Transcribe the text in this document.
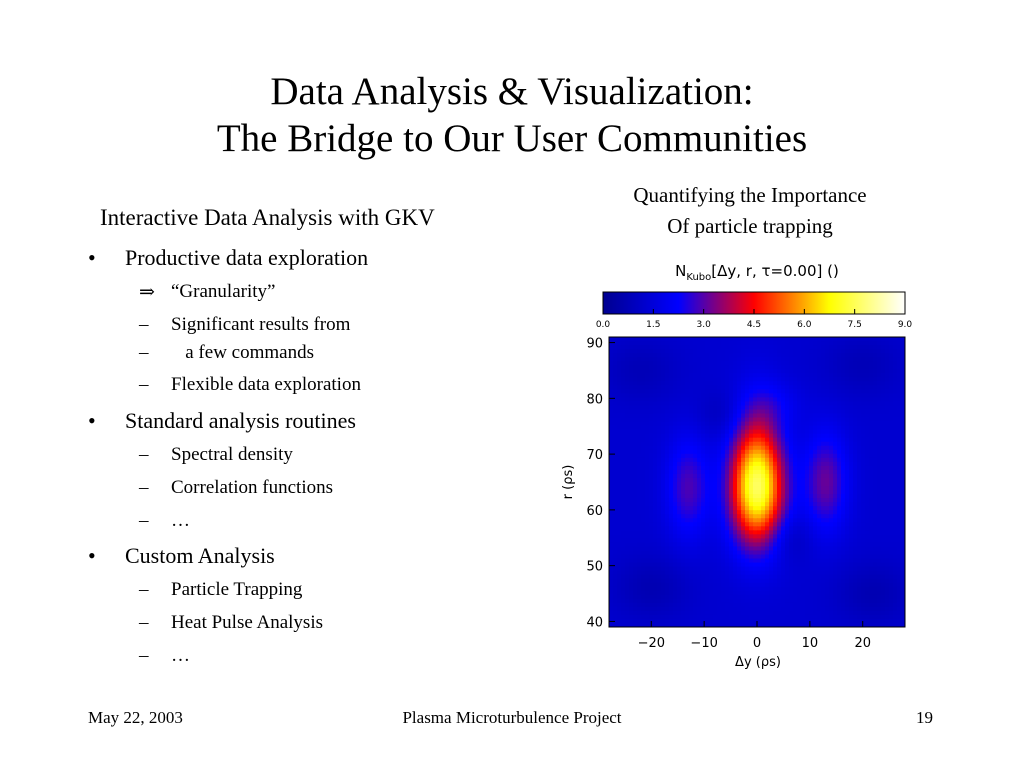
Data Analysis & Visualization:
The Bridge to Our User Communities
Interactive Data Analysis with GKV
• Productive data exploration
⇒ “Granularity”
– Significant results from
– a few commands
– Flexible data exploration
• Standard analysis routines
– Spectral density
– Correlation functions
– …
• Custom Analysis
– Particle Trapping
– Heat Pulse Analysis
– …
Quantifying the Importance
Of particle trapping
$N_{Kubo}[\Delta y$, r, τ=0.00] ()
0.0	1.5	3.0	4.5	6.0	7.5	9.0
−20 −10	0	10	20
40
50
60
70
80
90
Δy (ρs)
r (ρs)
May 22, 2003	Plasma Microturbulence Project	19
